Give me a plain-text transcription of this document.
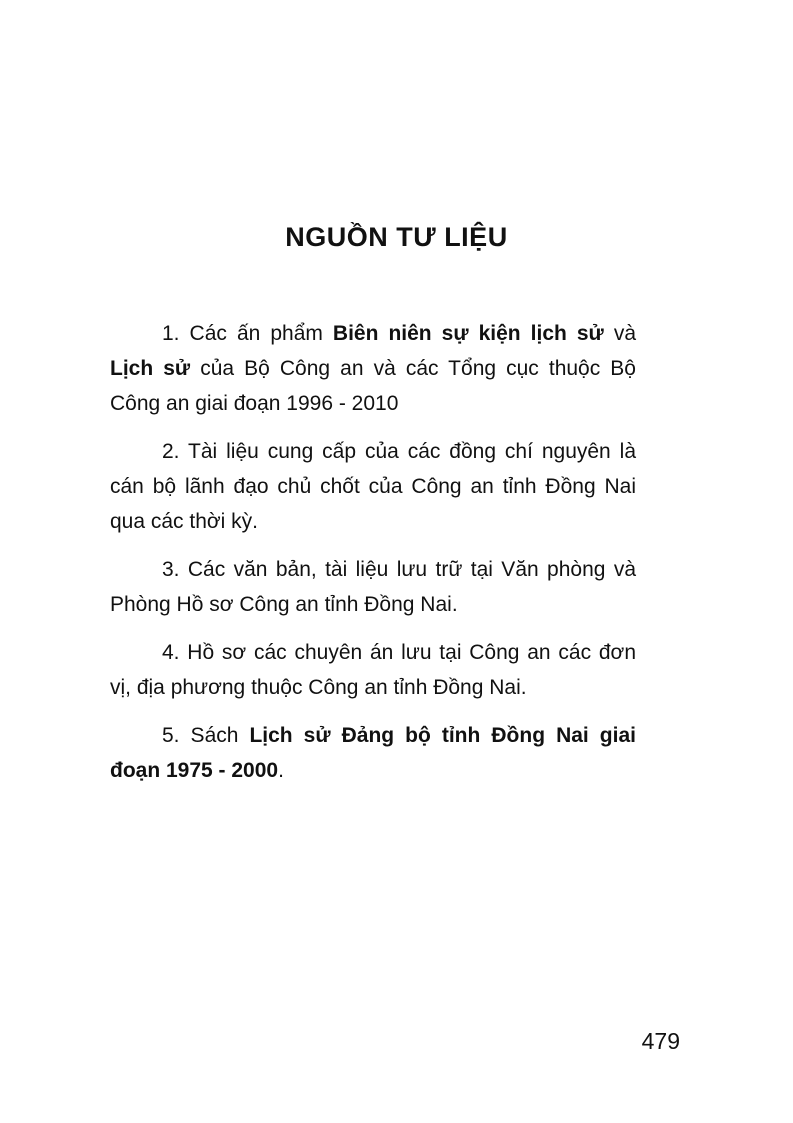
NGUỒN TƯ LIỆU

1. Các ấn phẩm Biên niên sự kiện lịch sử và Lịch sử của Bộ Công an và các Tổng cục thuộc Bộ Công an giai đoạn 1996 - 2010

2. Tài liệu cung cấp của các đồng chí nguyên là cán bộ lãnh đạo chủ chốt của Công an tỉnh Đồng Nai qua các thời kỳ.

3. Các văn bản, tài liệu lưu trữ tại Văn phòng và Phòng Hồ sơ Công an tỉnh Đồng Nai.

4. Hồ sơ các chuyên án lưu tại Công an các đơn vị, địa phương thuộc Công an tỉnh Đồng Nai.

5. Sách Lịch sử Đảng bộ tỉnh Đồng Nai giai đoạn 1975 - 2000.

479
